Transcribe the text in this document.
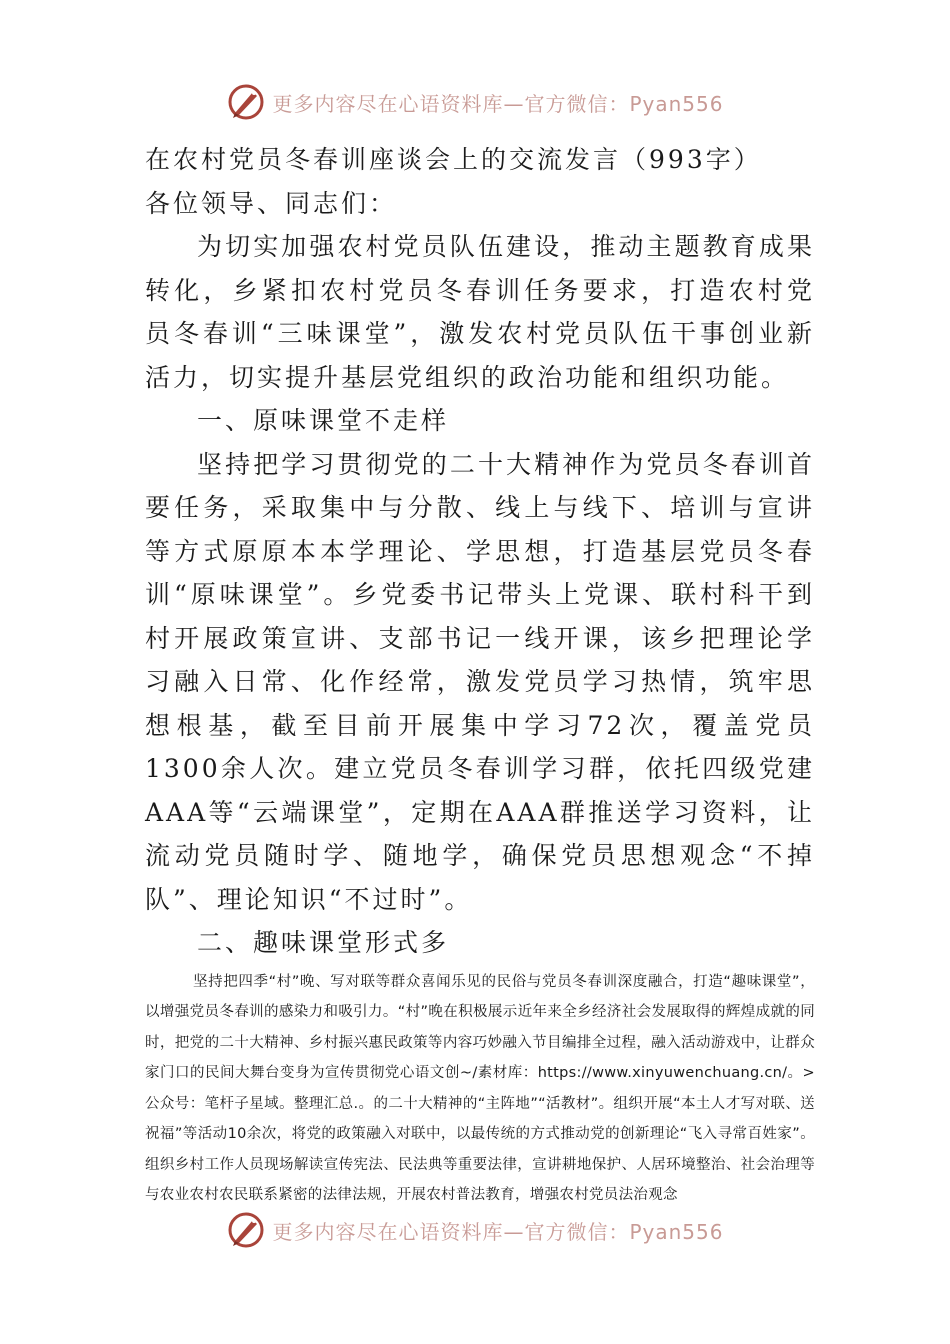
更多内容尽在心语资料库—官方微信：Pyan556

在农村党员冬春训座谈会上的交流发言（993字）

各位领导、同志们：

为切实加强农村党员队伍建设，推动主题教育成果转化，乡紧扣农村党员冬春训任务要求，打造农村党员冬春训“三味课堂”，激发农村党员队伍干事创业新活力，切实提升基层党组织的政治功能和组织功能。

一、原味课堂不走样

坚持把学习贯彻党的二十大精神作为党员冬春训首要任务，采取集中与分散、线上与线下、培训与宣讲等方式原原本本学理论、学思想，打造基层党员冬春训“原味课堂”。乡党委书记带头上党课、联村科干到村开展政策宣讲、支部书记一线开课，该乡把理论学习融入日常、化作经常，激发党员学习热情，筑牢思想根基，截至目前开展集中学习72次，覆盖党员1300余人次。建立党员冬春训学习群，依托四级党建AAA等“云端课堂”，定期在AAA群推送学习资料，让流动党员随时学、随地学，确保党员思想观念“不掉队”、理论知识“不过时”。

二、趣味课堂形式多

坚持把四季“村”晚、写对联等群众喜闻乐见的民俗与党员冬春训深度融合，打造“趣味课堂”，以增强党员冬春训的感染力和吸引力。“村”晚在积极展示近年来全乡经济社会发展取得的辉煌成就的同时，把党的二十大精神、乡村振兴惠民政策等内容巧妙融入节目编排全过程，融入活动游戏中，让群众家门口的民间大舞台变身为宣传贯彻党心语文创~/素材库：https://www.xinyuwenchuang.cn/。>公众号：笔杆子星域。整理汇总.。的二十大精神的“主阵地”“活教材”。组织开展“本土人才写对联、送祝福”等活动10余次，将党的政策融入对联中，以最传统的方式推动党的创新理论“飞入寻常百姓家”。组织乡村工作人员现场解读宣传宪法、民法典等重要法律，宣讲耕地保护、人居环境整治、社会治理等与农业农村农民联系紧密的法律法规，开展农村普法教育，增强农村党员法治观念

更多内容尽在心语资料库—官方微信：Pyan556
